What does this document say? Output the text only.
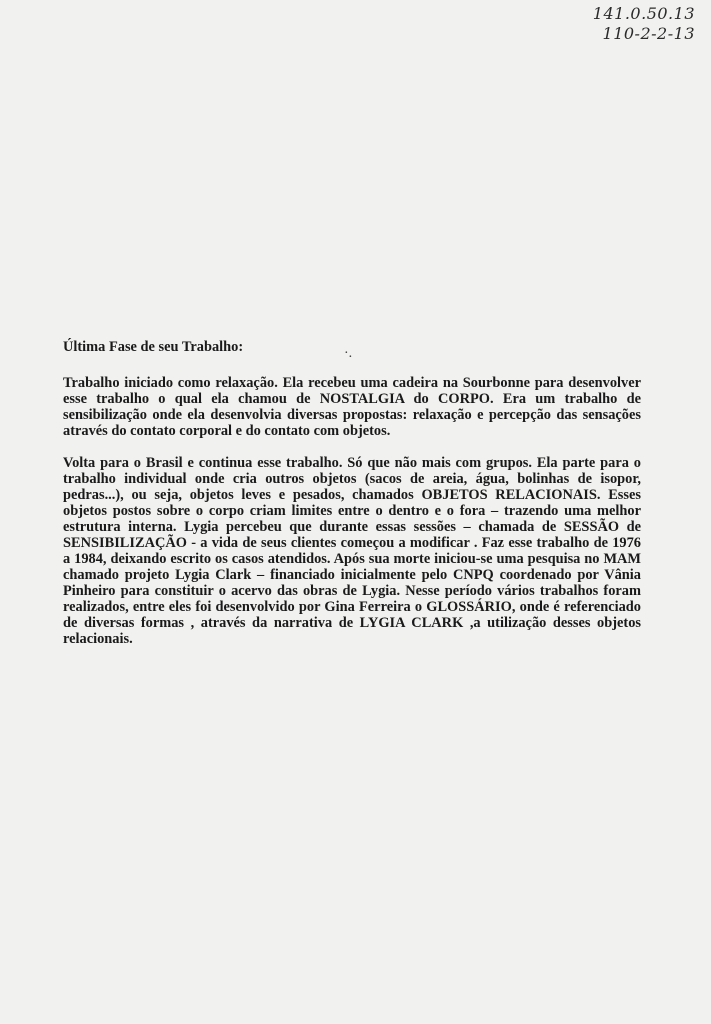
141.0.50.13
110-2-2-13
·.

Última Fase de seu Trabalho:

Trabalho iniciado como relaxação. Ela recebeu uma cadeira na Sourbonne para desenvolver esse trabalho o qual ela chamou de NOSTALGIA do CORPO. Era um trabalho de sensibilização onde ela desenvolvia diversas propostas: relaxação e percepção das sensações através do contato corporal e do contato com objetos.

Volta para o Brasil e continua esse trabalho. Só que não mais com grupos. Ela parte para o trabalho individual onde cria outros objetos (sacos de areia, água, bolinhas de isopor, pedras...), ou seja, objetos leves e pesados, chamados OBJETOS RELACIONAIS. Esses objetos postos sobre o corpo criam limites entre o dentro e o fora – trazendo uma melhor estrutura interna. Lygia percebeu que durante essas sessões – chamada de SESSÃO de SENSIBILIZAÇÃO - a vida de seus clientes começou a modificar . Faz esse trabalho de 1976 a 1984, deixando escrito os casos atendidos. Após sua morte iniciou-se uma pesquisa no MAM chamado projeto Lygia Clark – financiado inicialmente pelo CNPQ coordenado por Vânia Pinheiro para constituir o acervo das obras de Lygia. Nesse período vários trabalhos foram realizados, entre eles foi desenvolvido por Gina Ferreira o GLOSSÁRIO, onde é referenciado de diversas formas , através da narrativa de LYGIA CLARK ,a utilização desses objetos relacionais.
